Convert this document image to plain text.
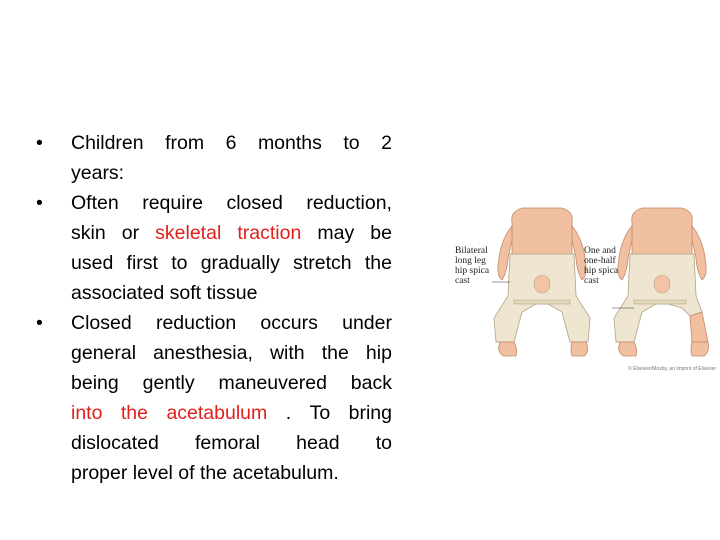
•	Children from 6 months to 2
years:
•	Often require closed reduction,
skin or skeletal traction may be
used first to gradually stretch the
associated soft tissue
•	Closed reduction occurs under
general anesthesia, with the hip
being gently maneuvered back
into the acetabulum . To bring
dislocated femoral head to
proper level of the acetabulum.
Bilateral
long leg
hip spica
cast
One and
one-half
hip spica
cast
© Elsevier/Mosby, an imprint of Elsevier
